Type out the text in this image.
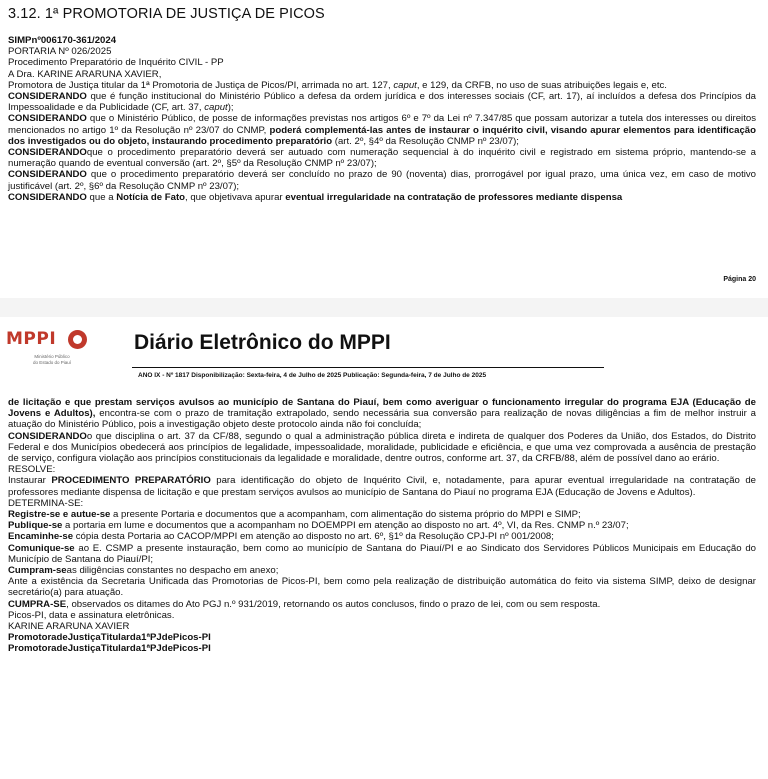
3.12. 1ª PROMOTORIA DE JUSTIÇA DE PICOS

SIMPnº006170-361/2024

PORTARIA Nº 026/2025

Procedimento Preparatório de Inquérito CIVIL - PP

A Dra. KARINE ARARUNA XAVIER,

Promotora de Justiça titular da 1ª Promotoria de Justiça de Picos/PI, arrimada no art. 127, caput, e 129, da CRFB, no uso de suas atribuições legais e, etc.

CONSIDERANDO que é função institucional do Ministério Público a defesa da ordem jurídica e dos interesses sociais (CF, art. 17), aí incluídos a defesa dos Princípios da Impessoalidade e da Publicidade (CF, art. 37, caput);

CONSIDERANDO que o Ministério Público, de posse de informações previstas nos artigos 6º e 7º da Lei nº 7.347/85 que possam autorizar a tutela dos interesses ou direitos mencionados no artigo 1º da Resolução nº 23/07 do CNMP, poderá complementá-las antes de instaurar o inquérito civil, visando apurar elementos para identificação dos investigados ou do objeto, instaurando procedimento preparatório (art. 2º, §4º da Resolução CNMP nº 23/07);

CONSIDERANDOque o procedimento preparatório deverá ser autuado com numeração sequencial à do inquérito civil e registrado em sistema próprio, mantendo-se a numeração quando de eventual conversão (art. 2º, §5º da Resolução CNMP nº 23/07);

CONSIDERANDO que o procedimento preparatório deverá ser concluído no prazo de 90 (noventa) dias, prorrogável por igual prazo, uma única vez, em caso de motivo justificável (art. 2º, §6º da Resolução CNMP nº 23/07);

CONSIDERANDO que a Notícia de Fato, que objetivava apurar eventual irregularidade na contratação de professores mediante dispensa

Página 20
MPPI
Ministério Público do Estado do Piauí
Diário Eletrônico do MPPI
ANO IX - Nº 1817 Disponibilização: Sexta-feira, 4 de Julho de 2025 Publicação: Segunda-feira, 7 de Julho de 2025

de licitação e que prestam serviços avulsos ao município de Santana do Piauí, bem como averiguar o funcionamento irregular do programa EJA (Educação de Jovens e Adultos), encontra-se com o prazo de tramitação extrapolado, sendo necessária sua conversão para realização de novas diligências a fim de melhor instruir a atuação do Ministério Público, pois a investigação objeto deste protocolo ainda não foi concluída;

CONSIDERANDOo que disciplina o art. 37 da CF/88, segundo o qual a administração pública direta e indireta de qualquer dos Poderes da União, dos Estados, do Distrito Federal e dos Municípios obedecerá aos princípios de legalidade, impessoalidade, moralidade, publicidade e eficiência, e que uma vez comprovada a ausência de prestação de serviço, configura violação aos princípios constitucionais da legalidade e moralidade, dentre outros, conforme art. 37, da CRFB/88, além de possível dano ao erário.

RESOLVE:

Instaurar PROCEDIMENTO PREPARATÓRIO para identificação do objeto de Inquérito Civil, e, notadamente, para apurar eventual irregularidade na contratação de professores mediante dispensa de licitação e que prestam serviços avulsos ao município de Santana do Piauí no programa EJA (Educação de Jovens e Adultos).

DETERMINA-SE:

Registre-se e autue-se a presente Portaria e documentos que a acompanham, com alimentação do sistema próprio do MPPI e SIMP;

Publique-se a portaria em lume e documentos que a acompanham no DOEMPPI em atenção ao disposto no art. 4º, VI, da Res. CNMP n.º 23/07;

Encaminhe-se cópia desta Portaria ao CACOP/MPPI em atenção ao disposto no art. 6º, §1º da Resolução CPJ-PI nº 001/2008;

Comunique-se ao E. CSMP a presente instauração, bem como ao município de Santana do Piauí/PI e ao Sindicato dos Servidores Públicos Municipais em Educação do Município de Santana do Piauí/PI;

Cumpram-seas diligências constantes no despacho em anexo;

Ante a existência da Secretaria Unificada das Promotorias de Picos-PI, bem como pela realização de distribuição automática do feito via sistema SIMP, deixo de designar secretário(a) para atuação.

CUMPRA-SE, observados os ditames do Ato PGJ n.º 931/2019, retornando os autos conclusos, findo o prazo de lei, com ou sem resposta.

Picos-PI, data e assinatura eletrônicas.

KARINE ARARUNA XAVIER

PromotoradeJustiçaTitularda1ªPJdePicos-PI

PromotoradeJustiçaTitularda1ªPJdePicos-PI
